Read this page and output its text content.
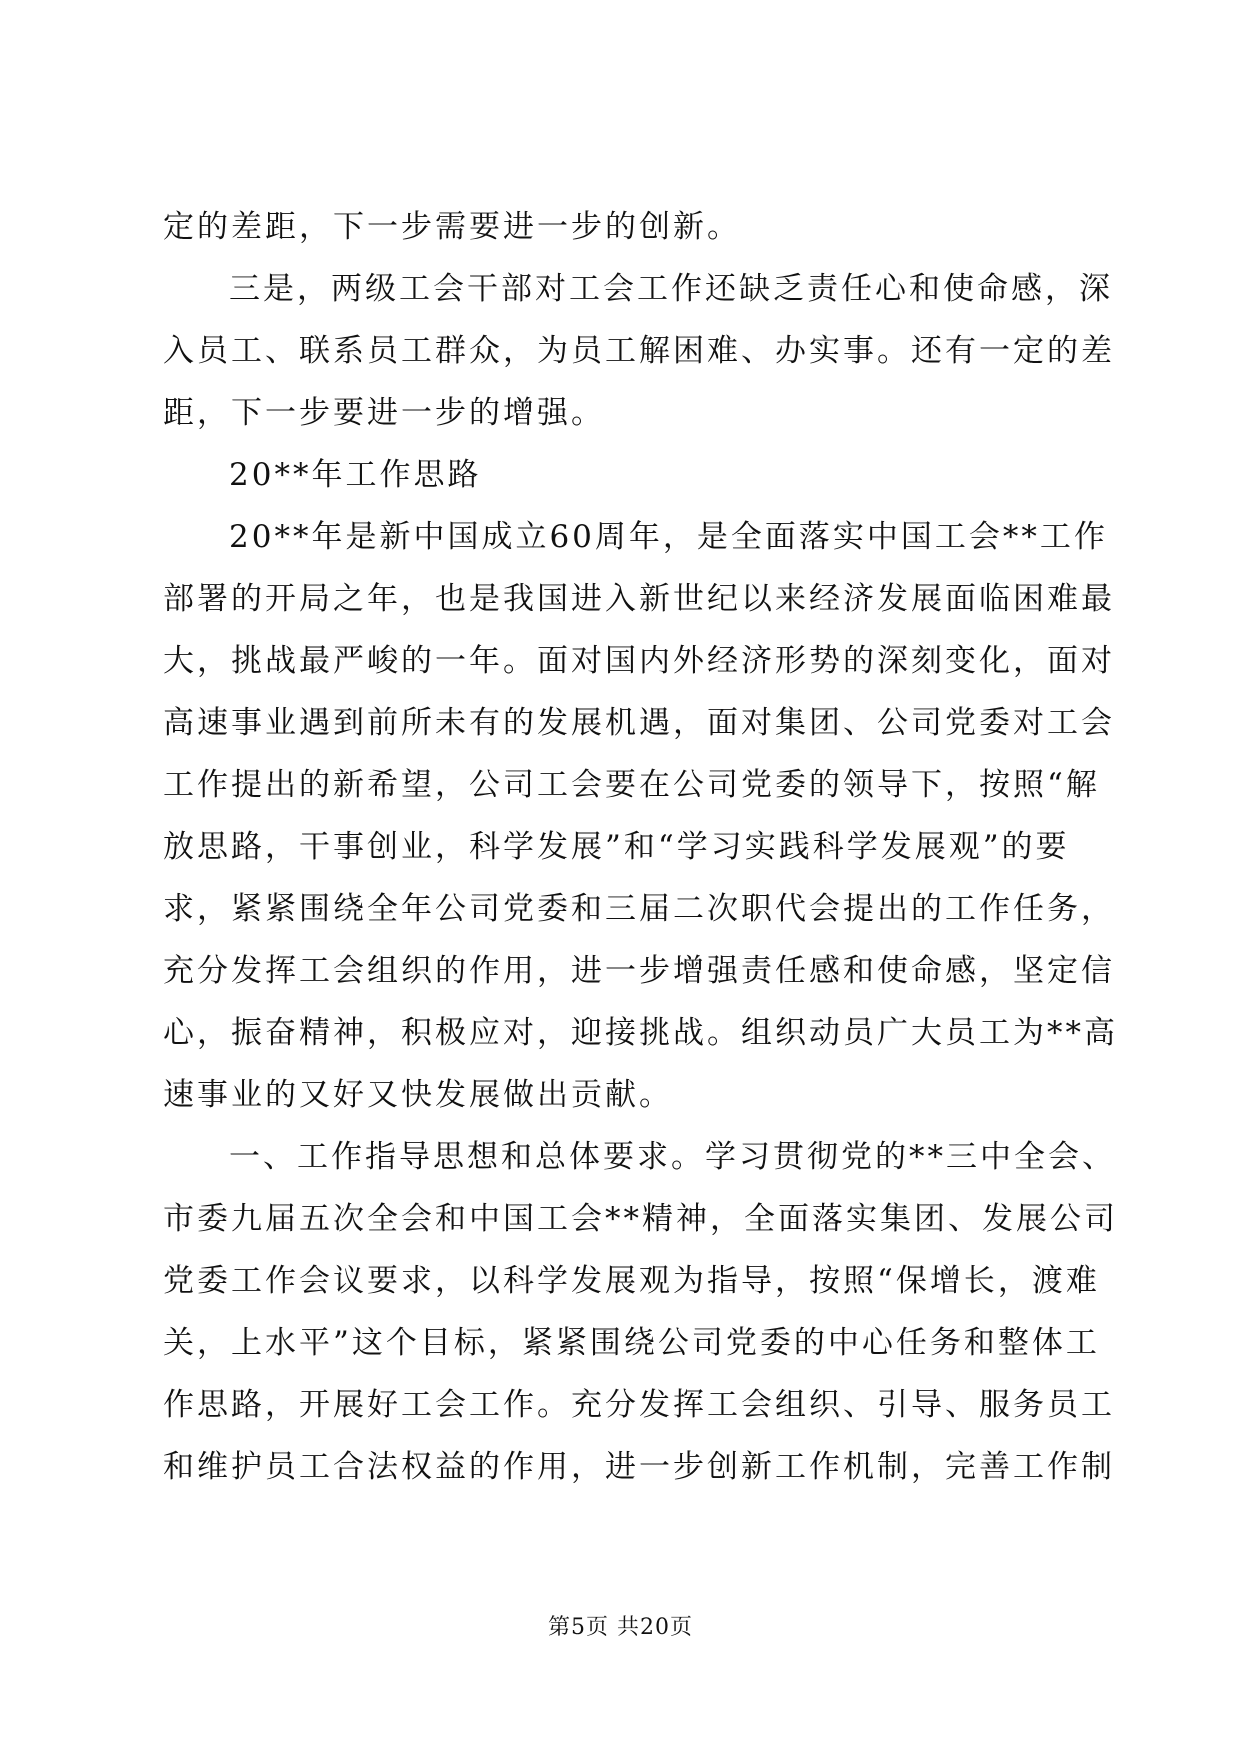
定的差距，下一步需要进一步的创新。
三是，两级工会干部对工会工作还缺乏责任心和使命感，深
入员工、联系员工群众，为员工解困难、办实事。还有一定的差
距，下一步要进一步的增强。
20**年工作思路
20**年是新中国成立60周年，是全面落实中国工会**工作
部署的开局之年，也是我国进入新世纪以来经济发展面临困难最
大，挑战最严峻的一年。面对国内外经济形势的深刻变化，面对
高速事业遇到前所未有的发展机遇，面对集团、公司党委对工会
工作提出的新希望，公司工会要在公司党委的领导下，按照“解
放思路，干事创业，科学发展”和“学习实践科学发展观”的要
求，紧紧围绕全年公司党委和三届二次职代会提出的工作任务，
充分发挥工会组织的作用，进一步增强责任感和使命感，坚定信
心，振奋精神，积极应对，迎接挑战。组织动员广大员工为**高
速事业的又好又快发展做出贡献。
一、工作指导思想和总体要求。学习贯彻党的**三中全会、
市委九届五次全会和中国工会**精神，全面落实集团、发展公司
党委工作会议要求，以科学发展观为指导，按照“保增长，渡难
关，上水平”这个目标，紧紧围绕公司党委的中心任务和整体工
作思路，开展好工会工作。充分发挥工会组织、引导、服务员工
和维护员工合法权益的作用，进一步创新工作机制，完善工作制
第5页 共20页
